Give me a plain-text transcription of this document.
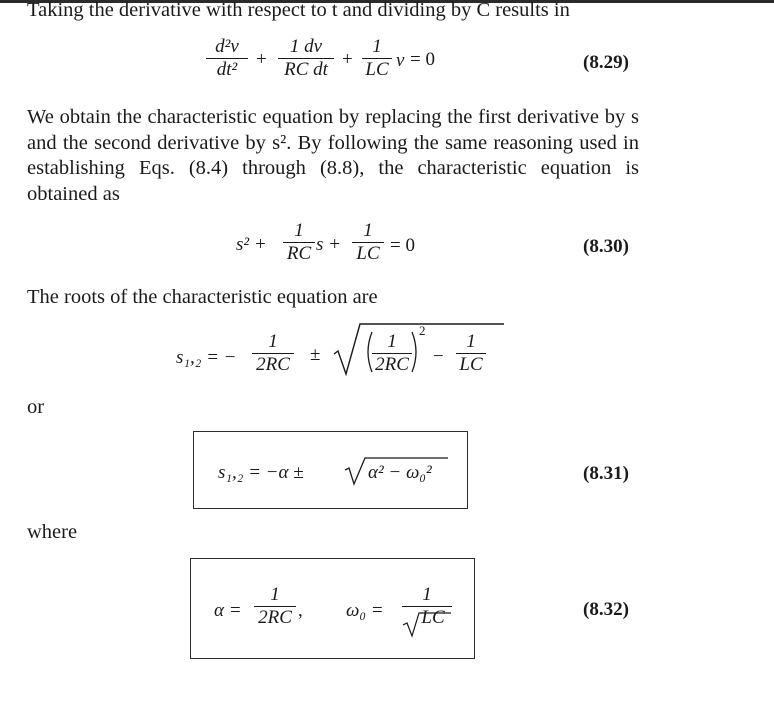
Taking the derivative with respect to t and dividing by C results in
d²v
dt² +
1 dv
RC dt +
1
LC v = 0	(8.29)
We obtain the characteristic equation by replacing the first derivative by s and the second derivative by s². By following the same reasoning used in establishing Eqs. (8.4) through (8.8), the characteristic equation is obtained as
s² +
1
RC s +
1
LC = 0	(8.30)
The roots of the characteristic equation are
s₁,₂ = −
1
2RC ±
1
2RC
2
−
1
LC
or
s₁,₂ = −α ±	α² − ω₀²	(8.31)
where
α =
1
2RC , ω₀ =
1
LC	(8.32)
